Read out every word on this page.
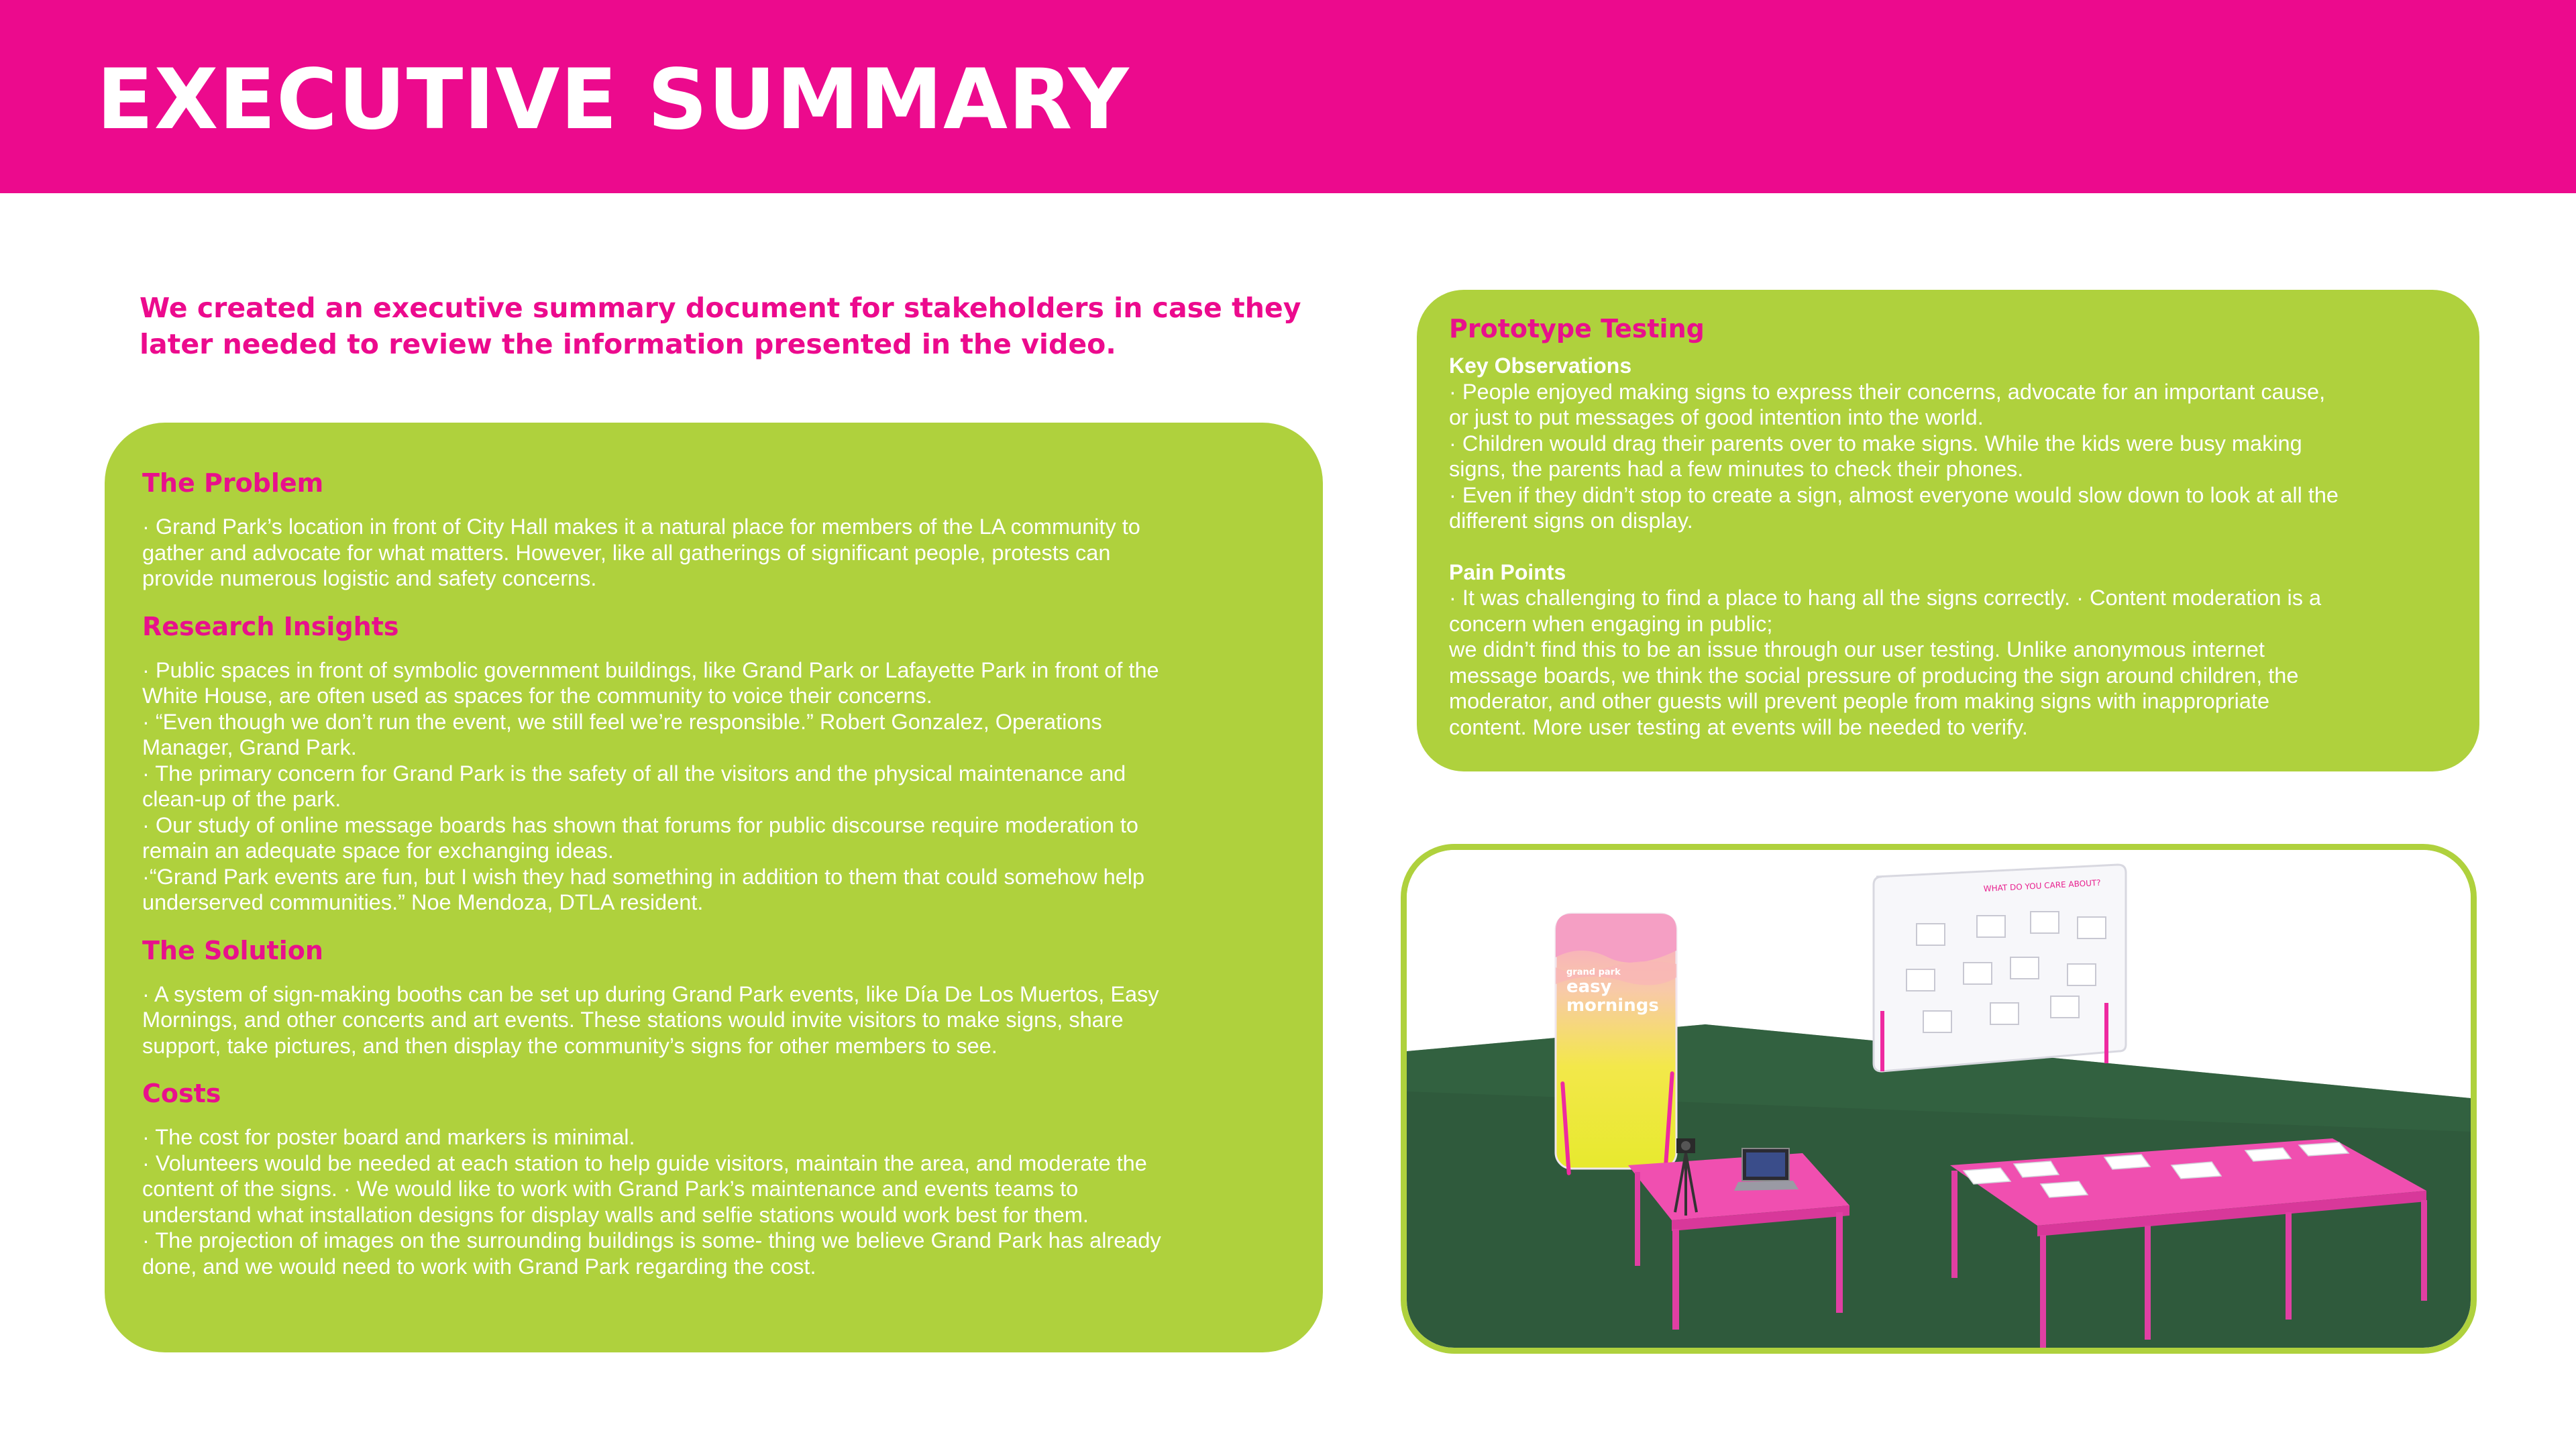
EXECUTIVE SUMMARY

We created an executive summary document for stakeholders in case they
later needed to review the information presented in the video.

The Problem

· Grand Park’s location in front of City Hall makes it a natural place for members of the LA community to
gather and advocate for what matters. However, like all gatherings of significant people, protests can
provide numerous logistic and safety concerns.

Research Insights

· Public spaces in front of symbolic government buildings, like Grand Park or Lafayette Park in front of the
White House, are often used as spaces for the community to voice their concerns.
· “Even though we don’t run the event, we still feel we’re responsible.” Robert Gonzalez, Operations
Manager, Grand Park.
· The primary concern for Grand Park is the safety of all the visitors and the physical maintenance and
clean-up of the park.
· Our study of online message boards has shown that forums for public discourse require moderation to
remain an adequate space for exchanging ideas.
·“Grand Park events are fun, but I wish they had something in addition to them that could somehow help
underserved communities.” Noe Mendoza, DTLA resident.

The Solution

· A system of sign-making booths can be set up during Grand Park events, like Día De Los Muertos, Easy
Mornings, and other concerts and art events. These stations would invite visitors to make signs, share
support, take pictures, and then display the community’s signs for other members to see.

Costs

· The cost for poster board and markers is minimal.
· Volunteers would be needed at each station to help guide visitors, maintain the area, and moderate the
content of the signs. · We would like to work with Grand Park’s maintenance and events teams to
understand what installation designs for display walls and selfie stations would work best for them.
· The projection of images on the surrounding buildings is some- thing we believe Grand Park has already
done, and we would need to work with Grand Park regarding the cost.

Prototype Testing

Key Observations

· People enjoyed making signs to express their concerns, advocate for an important cause,
or just to put messages of good intention into the world.
· Children would drag their parents over to make signs. While the kids were busy making
signs, the parents had a few minutes to check their phones.
· Even if they didn’t stop to create a sign, almost everyone would slow down to look at all the
different signs on display.

Pain Points

· It was challenging to find a place to hang all the signs correctly. · Content moderation is a
concern when engaging in public;
we didn’t find this to be an issue through our user testing. Unlike anonymous internet
message boards, we think the social pressure of producing the sign around children, the
moderator, and other guests will prevent people from making signs with inappropriate
content. More user testing at events will be needed to verify.

grand park
easy
mornings
WHAT DO YOU CARE ABOUT?
